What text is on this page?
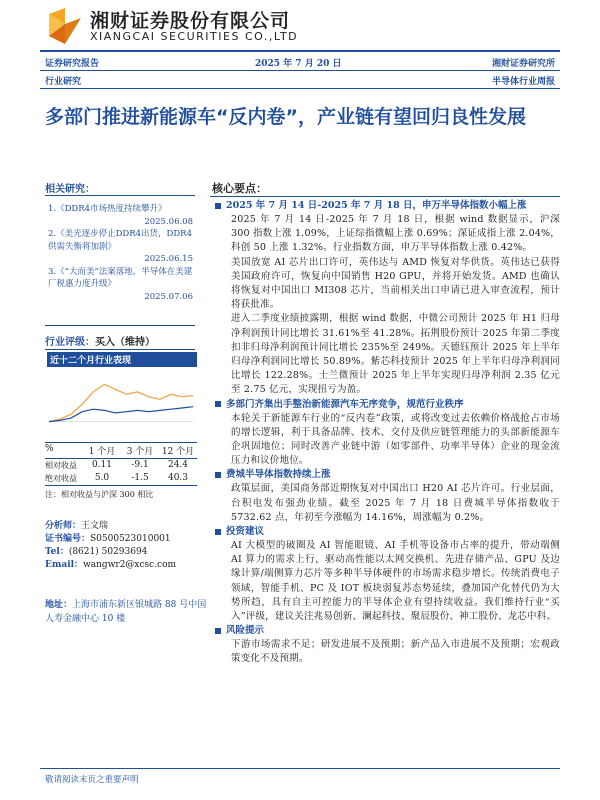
湘财证券股份有限公司
XIANGCAI SECURITIES CO.,LTD
证券研究报告	2025 年 7 月 20 日	湘财证券研究所
行业研究	半导体行业周报
多部门推进新能源车“反内卷”，产业链有望回归良性发展
相关研究：
1.《DDR4市场热度持续攀升》
2025.06.08
2.《美光逐步停止DDR4出货，DDR4供需失衡将加剧》
2025.06.15
3.《“大而美”法案落地，半导体在美建厂税惠力度升级》
2025.07.06
行业评级：买入（维持）
近十二个月行业表现
%	1 个月	3 个月 12 个月
相对收益	0.11	-9.1	24.4
绝对收益	5.0	-1.5	40.3
注：相对收益与沪深 300 相比
分析师：王文瑞
证书编号：S0500523010001
Tel：(8621) 50293694
Email：wangwr2@xcsc.com
地址：上海市浦东新区银城路 88 号中国人寿金融中心 10 楼
核心要点：
2025 年 7 月 14 日-2025 年 7 月 18 日，申万半导体指数小幅上涨
2025 年 7 月 14 日-2025 年 7 月 18 日，根据 wind 数据显示，沪深 300 指数上涨 1.09%，上证综指微幅上涨 0.69%；深证成指上涨 2.04%，科创 50 上涨 1.32%。行业指数方面，申万半导体指数上涨 0.42%。
美国放宽 AI 芯片出口许可，英伟达与 AMD 恢复对华供货。英伟达已获得美国政府许可，恢复向中国销售 H20 GPU，并将开始发货。AMD 也确认将恢复对中国出口 MI308 芯片，当前相关出口申请已进入审查流程，预计将获批准。
进入二季度业绩披露期，根据 wind 数据，中微公司预计 2025 年 H1 归母净利润预计同比增长 31.61%至 41.28%。拓荆股份预计 2025 年第二季度扣非归母净利润预计同比增长 235%至 249%。天德钰预计 2025 年上半年归母净利润同比增长 50.89%。紫芯科技预计 2025 年上半年归母净利润同比增长 122.28%。士兰微预计 2025 年上半年实现归母净利润 2.35 亿元至 2.75 亿元，实现扭亏为盈。
多部门齐集出手整治新能源汽车无序竞争，规范行业秩序
本轮关于新能源车行业的“反内卷”政策，或将改变过去依赖价格战抢占市场的增长逻辑，利于具备品牌、技术、交付及供应链管理能力的头部新能源车企巩固地位；同时改善产业链中游（如零部件、功率半导体）企业的现金流压力和议价地位。
费城半导体指数持续上涨
政策层面，美国商务部近期恢复对中国出口 H20 AI 芯片许可。行业层面，台积电发布强劲业绩。截至 2025 年 7 月 18 日费城半导体指数收于 5732.62 点，年初至今涨幅为 14.16%，周涨幅为 0.2%。
投资建议
AI 大模型的破圈及 AI 智能眼镜、AI 手机等设备市占率的提升，带动端侧 AI 算力的需求上行，驱动高性能以太网交换机、先进存储产品、GPU 及边缘计算/端侧算力芯片等多种半导体硬件的市场需求稳步增长。传统消费电子领域，智能手机、PC 及 IOT 板块弱复苏态势延续，叠加国产化替代仍为大势所趋，具有自主可控能力的半导体企业有望持续收益。我们维持行业“买入”评级，建议关注兆易创新、澜起科技、聚辰股份、神工股份、龙芯中科。
风险提示
下游市场需求不足；研发进展不及预期；新产品入市进展不及预期；宏观政策变化不及预期。
敬请阅读末页之重要声明
